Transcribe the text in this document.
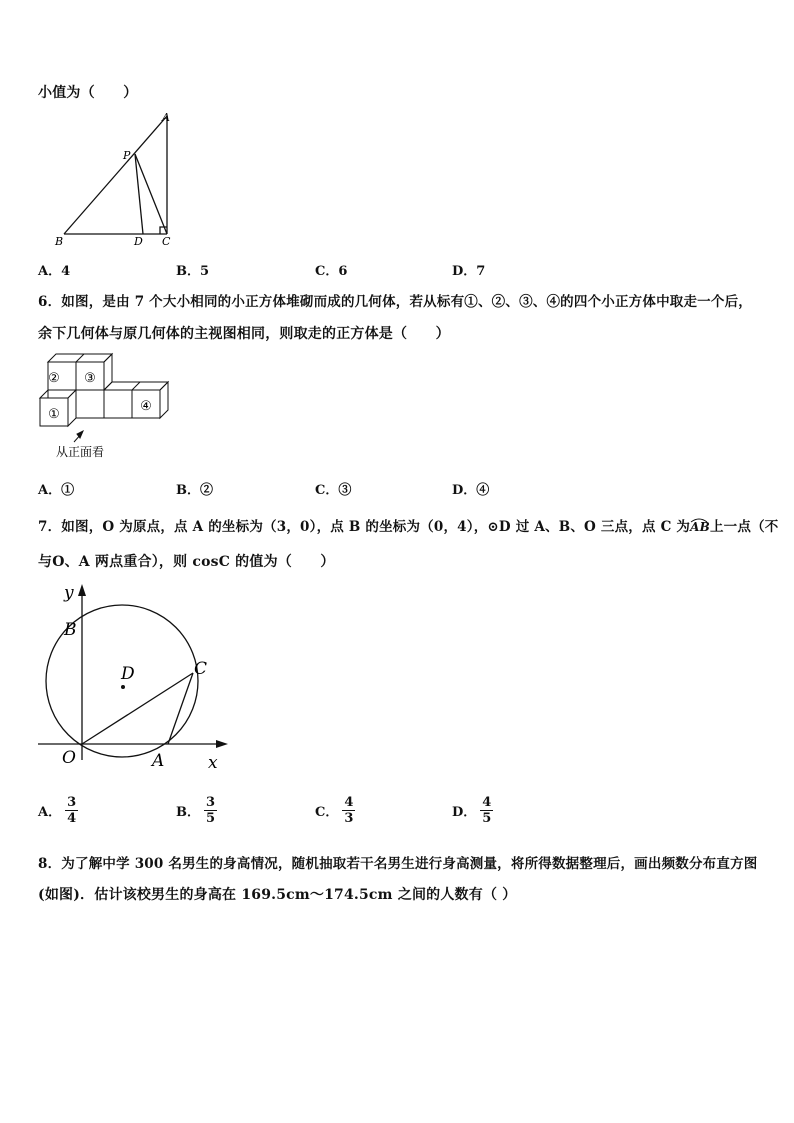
小值为（　　）
A
P
B	D C
A．4	B．5	C．6	D．7
6．如图，是由 7 个大小相同的小正方体堆砌而成的几何体，若从标有①、②、③、④的四个小正方体中取走一个后，
余下几何体与原几何体的主视图相同，则取走的正方体是（　　）
② ③
①
④
从正面看
A．①	B．②	C．③	D．④
7．如图，O 为原点，点 A 的坐标为（3，0），点 B 的坐标为（0，4），⊙D 过 A、B、O 三点，点 C 为
AB上一点（不
与O、A 两点重合），则 cosC 的值为（　　）
y
B
D	C
O	A	x
A． $\frac{3}{4}$	B． $\frac{3}{5}$	C． $\frac{4}{3}$	D． $\frac{4}{5}$
8．为了解中学 300 名男生的身高情况，随机抽取若干名男生进行身高测量，将所得数据整理后，画出频数分布直方图
(如图)．估计该校男生的身高在 169.5cm～174.5cm 之间的人数有（ ）
